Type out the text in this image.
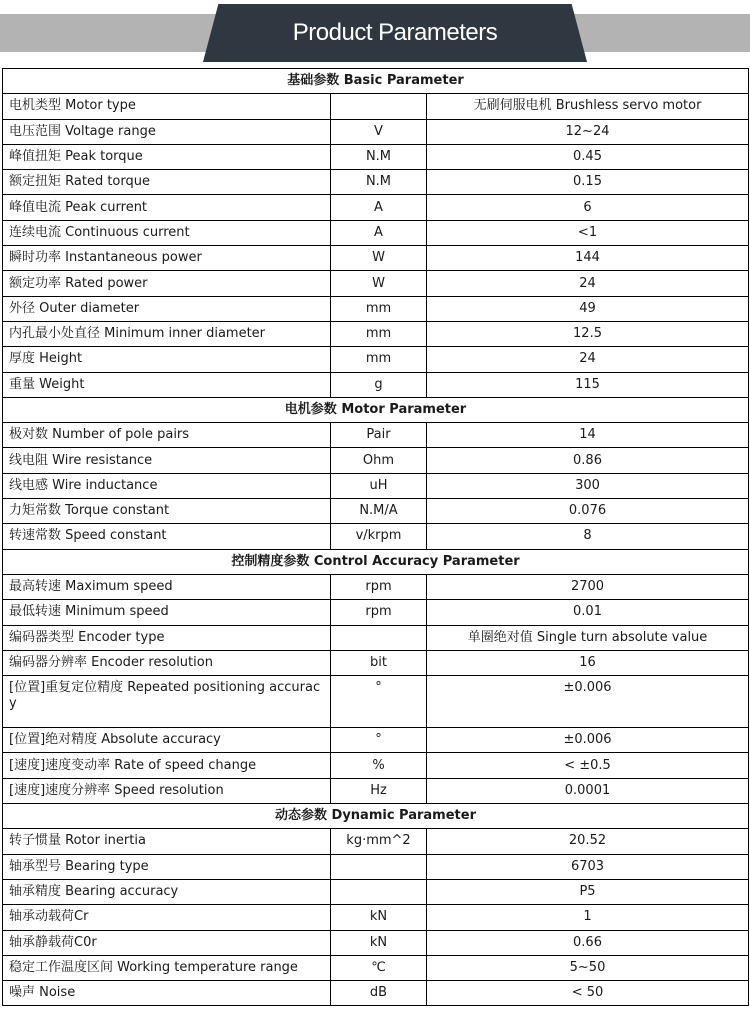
Product Parameters
基础参数 Basic Parameter		
电机类型 Motor type		无刷伺服电机 Brushless servo motor
电压范围 Voltage range	V	12~24
峰值扭矩 Peak torque	N.M	0.45
额定扭矩 Rated torque	N.M	0.15
峰值电流 Peak current	A	6
连续电流 Continuous current	A	<1
瞬时功率 Instantaneous power	W	144
额定功率 Rated power	W	24
外径 Outer diameter	mm	49
内孔最小处直径 Minimum inner diameter	mm	12.5
厚度 Height	mm	24
重量 Weight	g	115
电机参数 Motor Parameter		
极对数 Number of pole pairs	Pair	14
线电阻 Wire resistance	Ohm	0.86
线电感 Wire inductance	uH	300
力矩常数 Torque constant	N.M/A	0.076
转速常数 Speed constant	v/krpm	8
控制精度参数 Control Accuracy Parameter		
最高转速 Maximum speed	rpm	2700
最低转速 Minimum speed	rpm	0.01
编码器类型 Encoder type		单圈绝对值 Single turn absolute value
编码器分辨率 Encoder resolution	bit	16
[位置]重复定位精度 Repeated positioning accuracy	°	±0.006
[位置]绝对精度 Absolute accuracy	°	±0.006
[速度]速度变动率 Rate of speed change	%	< ±0.5
[速度]速度分辨率 Speed resolution	Hz	0.0001
动态参数 Dynamic Parameter		
转子惯量 Rotor inertia	kg·mm^2	20.52
轴承型号 Bearing type		6703
轴承精度 Bearing accuracy		P5
轴承动载荷Cr	kN	1
轴承静载荷C0r	kN	0.66
稳定工作温度区间 Working temperature range	℃	5~50
噪声 Noise	dB	< 50
